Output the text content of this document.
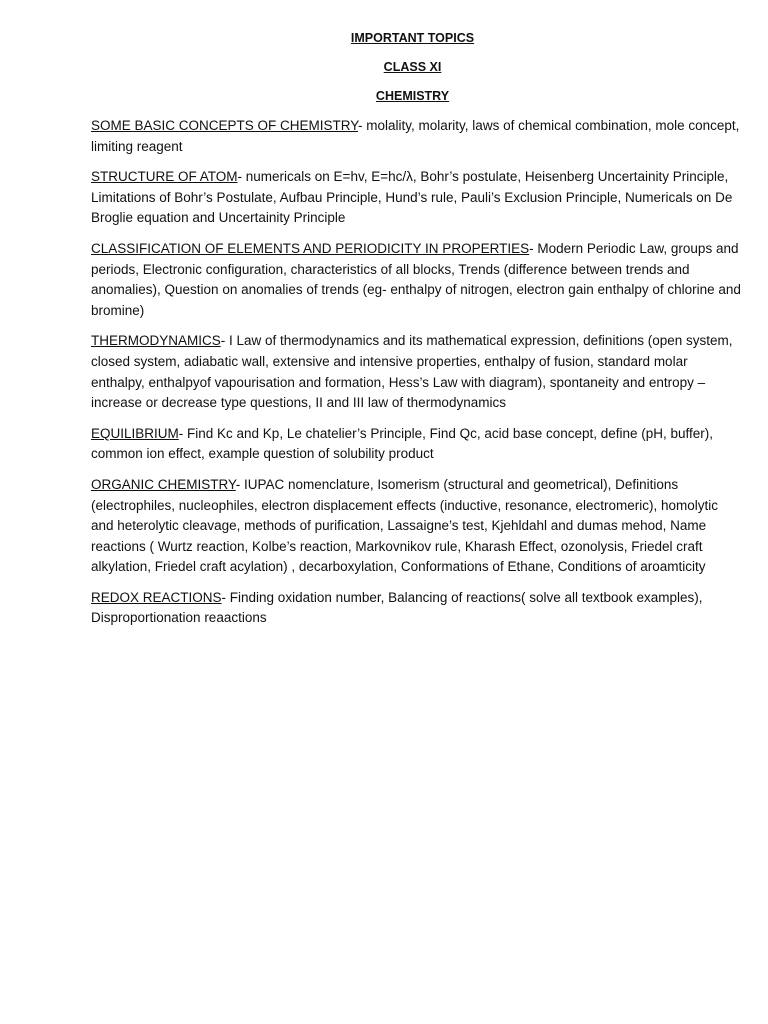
IMPORTANT TOPICS

CLASS XI

CHEMISTRY

SOME BASIC CONCEPTS OF CHEMISTRY- molality, molarity, laws of chemical combination, mole concept, limiting reagent

STRUCTURE OF ATOM- numericals on E=hv, E=hc/λ, Bohr’s postulate, Heisenberg Uncertainity Principle, Limitations of Bohr’s Postulate, Aufbau Principle, Hund’s rule, Pauli’s Exclusion Principle, Numericals on De Broglie equation and Uncertainity Principle

CLASSIFICATION OF ELEMENTS AND PERIODICITY IN PROPERTIES- Modern Periodic Law, groups and periods, Electronic configuration, characteristics of all blocks, Trends (difference between trends and anomalies), Question on anomalies of trends (eg- enthalpy of nitrogen, electron gain enthalpy of chlorine and bromine)

THERMODYNAMICS- I Law of thermodynamics and its mathematical expression, definitions (open system, closed system, adiabatic wall, extensive and intensive properties, enthalpy of fusion, standard molar enthalpy, enthalpyof vapourisation and formation, Hess’s Law with diagram), spontaneity and entropy – increase or decrease type questions, II and III law of thermodynamics

EQUILIBRIUM- Find Kc and Kp, Le chatelier’s Principle, Find Qc, acid base concept, define (pH, buffer), common ion effect, example question of solubility product

ORGANIC CHEMISTRY- IUPAC nomenclature, Isomerism (structural and geometrical), Definitions (electrophiles, nucleophiles, electron displacement effects (inductive, resonance, electromeric), homolytic and heterolytic cleavage, methods of purification, Lassaigne’s test, Kjehldahl and dumas mehod, Name reactions ( Wurtz reaction, Kolbe’s reaction, Markovnikov rule, Kharash Effect, ozonolysis, Friedel craft alkylation, Friedel craft acylation) , decarboxylation, Conformations of Ethane, Conditions of aroamticity

REDOX REACTIONS- Finding oxidation number, Balancing of reactions( solve all textbook examples), Disproportionation reaactions
